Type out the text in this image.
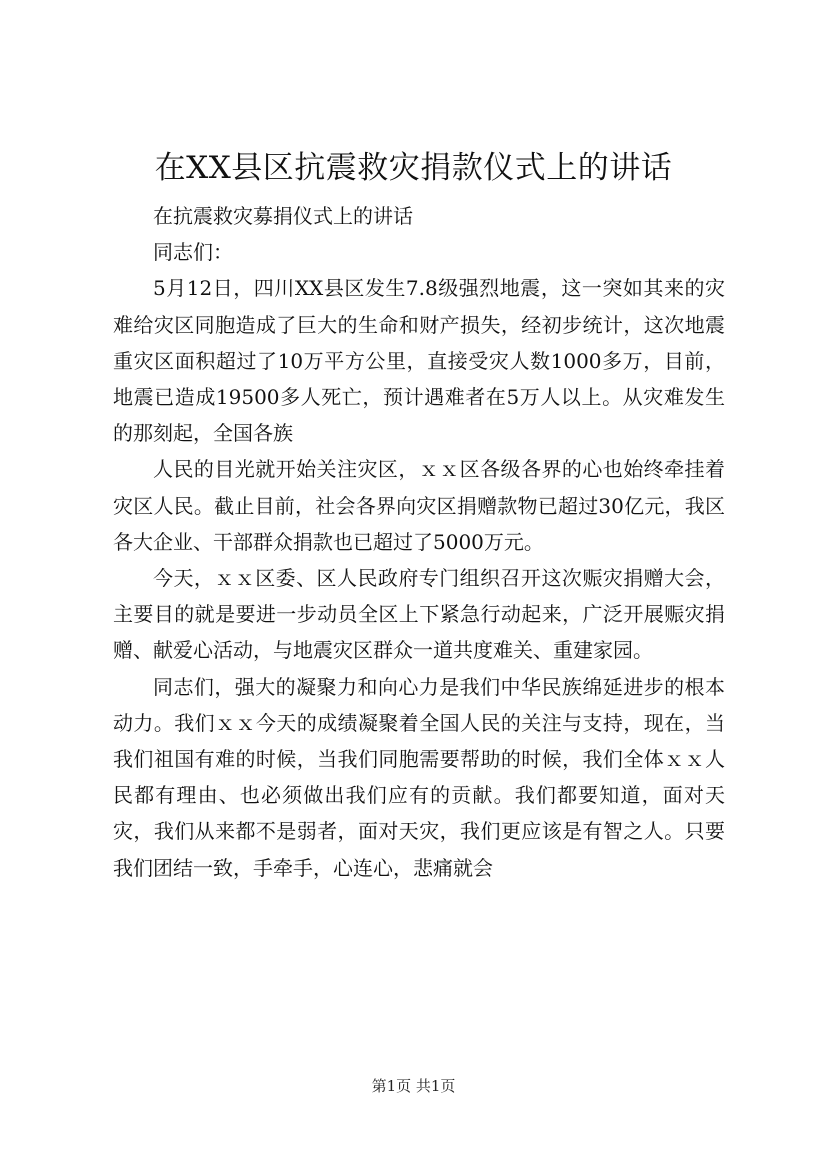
在XX县区抗震救灾捐款仪式上的讲话

在抗震救灾募捐仪式上的讲话

同志们：

5月12日，四川XX县区发生7.8级强烈地震，这一突如其来的灾难给灾区同胞造成了巨大的生命和财产损失，经初步统计，这次地震重灾区面积超过了10万平方公里，直接受灾人数1000多万，目前，地震已造成19500多人死亡，预计遇难者在5万人以上。从灾难发生的那刻起，全国各族

人民的目光就开始关注灾区，ｘｘ区各级各界的心也始终牵挂着灾区人民。截止目前，社会各界向灾区捐赠款物已超过30亿元，我区各大企业、干部群众捐款也已超过了5000万元。

今天，ｘｘ区委、区人民政府专门组织召开这次赈灾捐赠大会，主要目的就是要进一步动员全区上下紧急行动起来，广泛开展赈灾捐赠、献爱心活动，与地震灾区群众一道共度难关、重建家园。

同志们，强大的凝聚力和向心力是我们中华民族绵延进步的根本动力。我们ｘｘ今天的成绩凝聚着全国人民的关注与支持，现在，当我们祖国有难的时候，当我们同胞需要帮助的时候，我们全体ｘｘ人民都有理由、也必须做出我们应有的贡献。我们都要知道，面对天灾，我们从来都不是弱者，面对天灾，我们更应该是有智之人。只要我们团结一致，手牵手，心连心，悲痛就会

第1页 共1页
